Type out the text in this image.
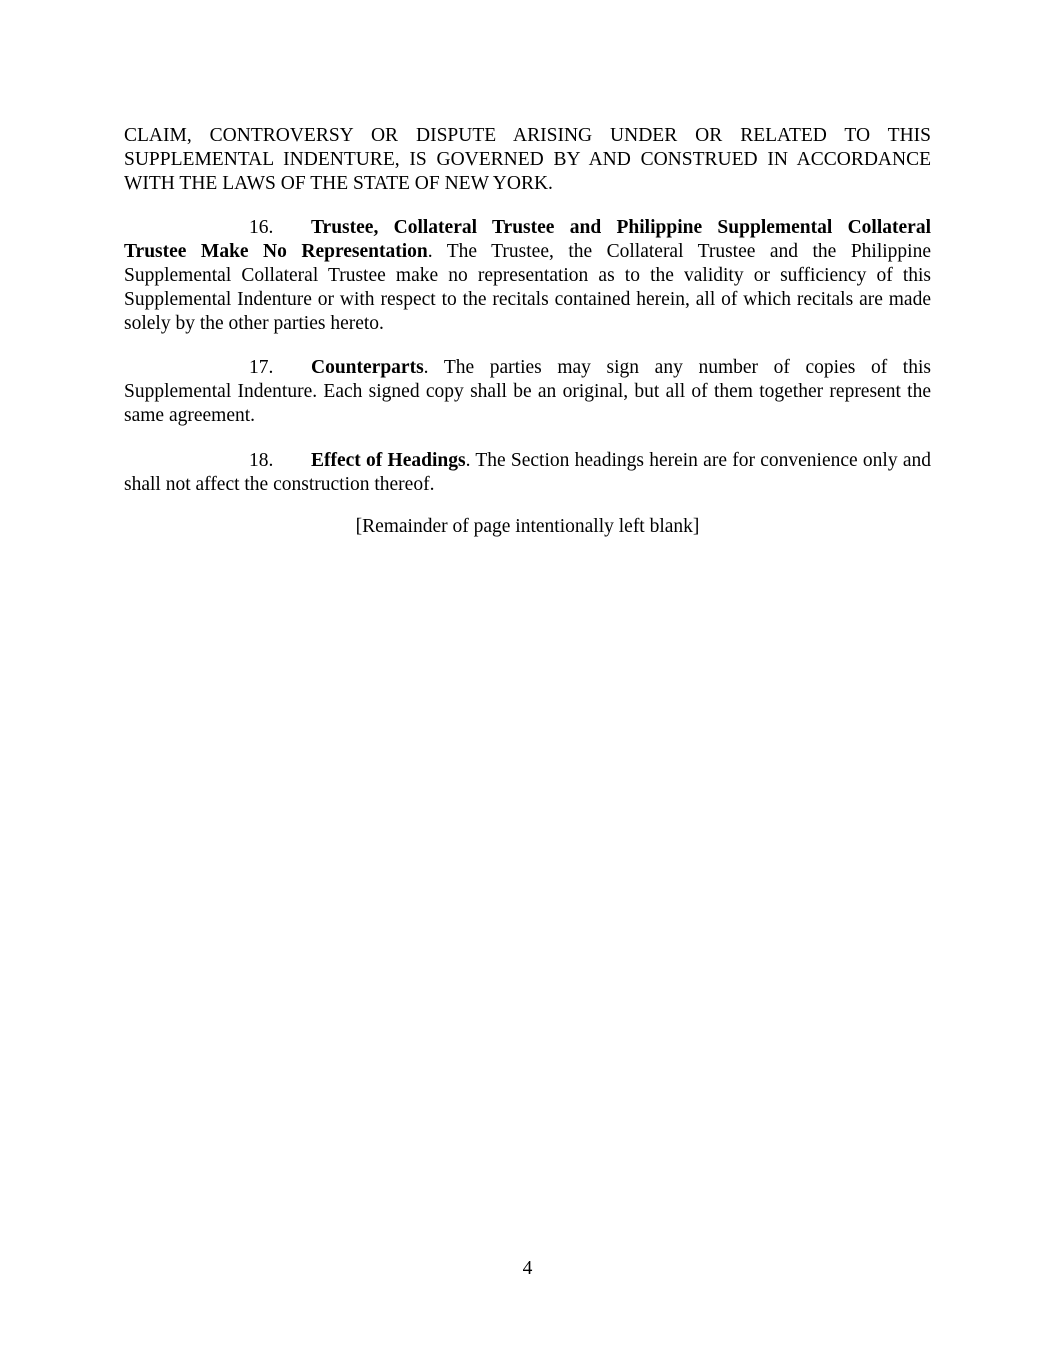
CLAIM, CONTROVERSY OR DISPUTE ARISING UNDER OR RELATED TO THIS SUPPLEMENTAL INDENTURE, IS GOVERNED BY AND CONSTRUED IN ACCORDANCE WITH THE LAWS OF THE STATE OF NEW YORK.

16. Trustee, Collateral Trustee and Philippine Supplemental Collateral Trustee Make No Representation. The Trustee, the Collateral Trustee and the Philippine Supplemental Collateral Trustee make no representation as to the validity or sufficiency of this Supplemental Indenture or with respect to the recitals contained herein, all of which recitals are made solely by the other parties hereto.

17. Counterparts. The parties may sign any number of copies of this Supplemental Indenture. Each signed copy shall be an original, but all of them together represent the same agreement.

18. Effect of Headings. The Section headings herein are for convenience only and shall not affect the construction thereof.

[Remainder of page intentionally left blank]

4
